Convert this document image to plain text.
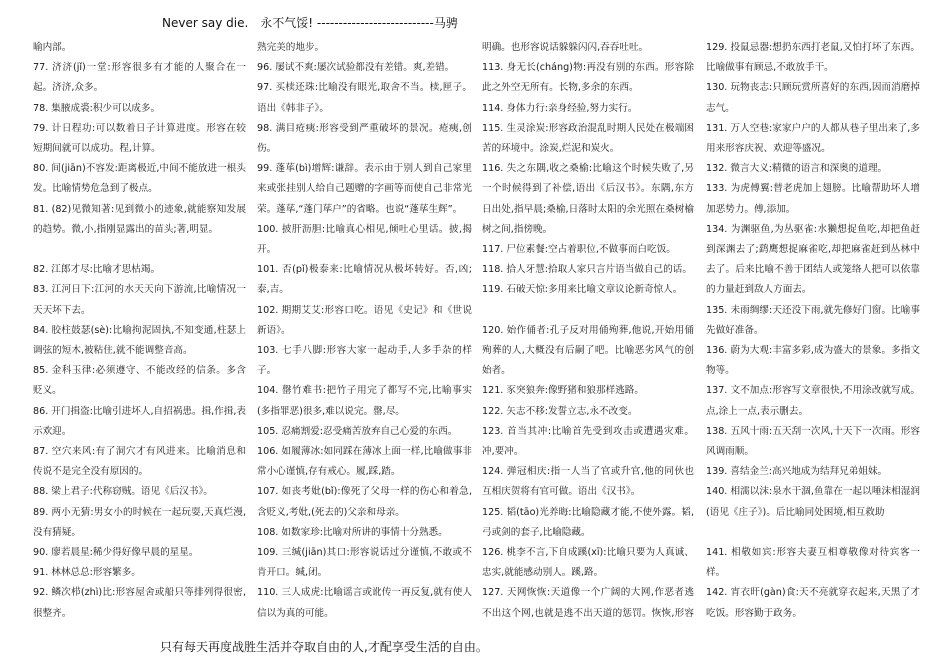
Never say die. 永不气馁! ---------------------------马骋

喻内部。

77. 济济(jǐ)一堂:形容很多有才能的人聚合在一起。济济,众多。

78. 集腋成裘:积少可以成多。

79. 计日程功:可以数着日子计算进度。形容在较短期间就可以成功。程,计算。

80. 间(jiān)不容发:距离极近,中间不能放进一根头发。比喻情势危急到了极点。

81. (82)见微知著:见到微小的迹象,就能察知发展的趋势。微,小,指刚显露出的苗头;著,明显。

82. 江郎才尽:比喻才思枯竭。

83. 江河日下:江河的水天天向下游流,比喻情况一天天坏下去。

84. 胶柱鼓瑟(sè):比喻拘泥固执,不知变通,柱瑟上调弦的短木,被粘住,就不能调整音高。

85. 金科玉律:必须遵守、不能改经的信条。多含贬义。

86. 开门揖盗:比喻引进坏人,自招祸患。揖,作揖,表示欢迎。

87. 空穴来风:有了洞穴才有风进来。比喻消息和传说不是完全没有原因的。

88. 梁上君子:代称窃贼。语见《后汉书》。

89. 两小无猜:男女小的时候在一起玩耍,天真烂漫,没有猜疑。

90. 廖若晨星:稀少得好像早晨的星星。

91. 林林总总:形容繁多。

92. 鳞次栉(zhì)比:形容屋舍或船只等排列得很密,很整齐。

熟完美的地步。

96. 屡试不爽:屡次试验都没有差错。爽,差错。

97. 买椟还珠:比喻没有眼光,取舍不当。椟,匣子。语出《韩非子》。

98. 满目疮痍:形容受到严重破坏的景况。疮痍,创伤。

99. 蓬荜(bì)增辉:谦辞。表示由于别人到自己家里来或张挂别人给自己题赠的字画等而使自己非常光荣。蓬荜,“蓬门荜户”的省略。也说“蓬荜生辉”。

100. 披肝沥胆:比喻真心相见,倾吐心里话。披,揭开。

101. 否(pǐ)极泰来:比喻情况从极坏转好。否,凶;泰,吉。

102. 期期艾艾:形容口吃。语见《史记》和《世说新语》。

103. 七手八脚:形容大家一起动手,人多手杂的样子。

104. 罄竹难书:把竹子用完了都写不完,比喻事实(多指罪恶)很多,难以说完。罄,尽。

105. 忍痛割爱:忍受痛苦放弃自己心爱的东西。

106. 如履薄冰:如同踩在薄冰上面一样,比喻做事非常小心谨慎,存有戒心。履,踩,踏。

107. 如丧考妣(bǐ):像死了父母一样的伤心和着急,含贬义,考妣,(死去的)父亲和母亲。

108. 如数家珍:比喻对所讲的事情十分熟悉。

109. 三缄(jiān)其口:形容说话过分谨慎,不敢或不肯开口。缄,闭。

110. 三人成虎:比喻谣言或讹传一再反复,就有使人信以为真的可能。

明确。也形容说话躲躲闪闪,吞吞吐吐。

113. 身无长(cháng)物:再没有别的东西。形容除此之外空无所有。长物,多余的东西。

114. 身体力行:亲身经验,努力实行。

115. 生灵涂炭:形容政治混乱时期人民处在极端困苦的环境中。涂炭,烂泥和炭火。

116. 失之东隅,收之桑榆:比喻这个时候失败了,另一个时候得到了补偿,语出《后汉书》。东隅,东方日出处,指早晨;桑榆,日落时太阳的余光照在桑树榆树之间,指傍晚。

117. 尸位素餐:空占着职位,不做事而白吃饭。

118. 拾人牙慧:拾取人家只言片语当做自己的话。

119. 石破天惊:多用来比喻文章议论新奇惊人。

120. 始作俑者:孔子反对用俑殉葬,他说,开始用俑殉葬的人,大概没有后嗣了吧。比喻恶劣风气的创始者。

121. 豕突狼奔:像野猪和狼那样逃路。

122. 矢志不移:发誓立志,永不改变。

123. 首当其冲:比喻首先受到攻击或遭遇灾难。冲,要冲。

124. 弹冠相庆:指一人当了官或升官,他的同伙也互相庆贺将有官可做。语出《汉书》。

125. 韬(tāo)光养晦:比喻隐藏才能,不使外露。韬,弓或剑的套子,比喻隐藏。

126. 桃李不言,下自成蹊(xī):比喻只要为人真诚、忠实,就能感动别人。蹊,路。

127. 天网恢恢:天道像一个广阔的大网,作恶者逃不出这个网,也就是逃不出天道的惩罚。恢恢,形容

129. 投鼠忌器:想扔东西打老鼠,又怕打坏了东西。比喻做事有顾忌,不敢放手干。

130. 玩物丧志:只顾玩赏所喜好的东西,因而消磨掉志气。

131. 万人空巷:家家户户的人都从巷子里出来了,多用来形容庆祝、欢迎等盛况。

132. 微言大义:精微的语言和深奥的道理。

133. 为虎傅翼:替老虎加上翅膀。比喻帮助坏人增加恶势力。傅,添加。

134. 为渊驱鱼,为丛驱雀:水獭想捉鱼吃,却把鱼赶到深渊去了;鹞鹰想捉麻雀吃,却把麻雀赶到丛林中去了。后来比喻不善于团结人或笼络人把可以依靠的力量赶到敌人方面去。

135. 未雨绸缪:天还没下雨,就先修好门窗。比喻事先做好准备。

136. 蔚为大观:丰富多彩,成为盛大的景象。多指文物等。

137. 文不加点:形容写文章很快,不用涂改就写成。点,涂上一点,表示删去。

138. 五风十雨:五天刮一次风,十天下一次雨。形容风调雨顺。

139. 喜结金兰:高兴地成为结拜兄弟姐妹。

140. 相濡以沫:泉水干涸,鱼靠在一起以唾沫相湿润(语见《庄子》)。后比喻同处困境,相互救助

141. 相敬如宾:形容夫妻互相尊敬像对待宾客一样。

142. 宵衣旰(gàn)食:天不亮就穿衣起来,天黑了才吃饭。形容勤于政务。

只有每天再度战胜生活并夺取自由的人,才配享受生活的自由。
